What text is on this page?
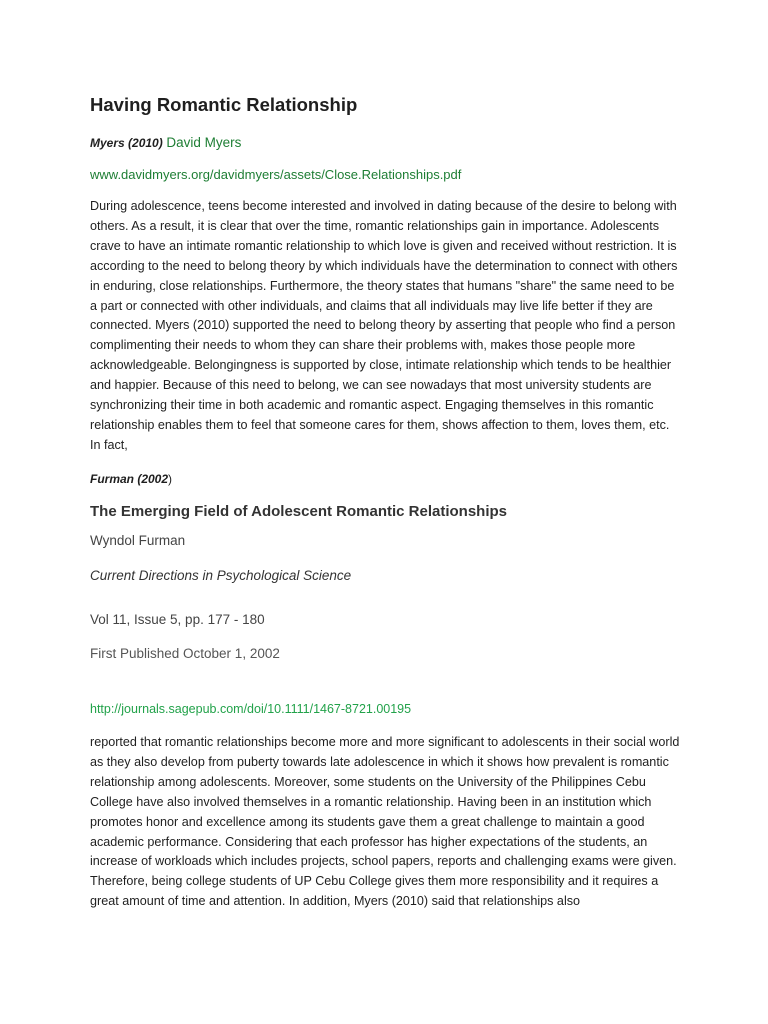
Having Romantic Relationship
Myers (2010) David Myers
www.davidmyers.org/davidmyers/assets/Close.Relationships.pdf
During adolescence, teens become interested and involved in dating because of the desire to belong with others. As a result, it is clear that over the time, romantic relationships gain in importance. Adolescents crave to have an intimate romantic relationship to which love is given and received without restriction. It is according to the need to belong theory by which individuals have the determination to connect with others in enduring, close relationships. Furthermore, the theory states that humans "share" the same need to be a part or connected with other individuals, and claims that all individuals may live life better if they are connected. Myers (2010) supported the need to belong theory by asserting that people who find a person complimenting their needs to whom they can share their problems with, makes those people more acknowledgeable. Belongingness is supported by close, intimate relationship which tends to be healthier and happier. Because of this need to belong, we can see nowadays that most university students are synchronizing their time in both academic and romantic aspect. Engaging themselves in this romantic relationship enables them to feel that someone cares for them, shows affection to them, loves them, etc. In fact,
Furman (2002)
The Emerging Field of Adolescent Romantic Relationships
Wyndol Furman
Current Directions in Psychological Science
Vol 11, Issue 5, pp. 177 - 180
First Published October 1, 2002
http://journals.sagepub.com/doi/10.1111/1467-8721.00195
reported that romantic relationships become more and more significant to adolescents in their social world as they also develop from puberty towards late adolescence in which it shows how prevalent is romantic relationship among adolescents. Moreover, some students on the University of the Philippines Cebu College have also involved themselves in a romantic relationship. Having been in an institution which promotes honor and excellence among its students gave them a great challenge to maintain a good academic performance. Considering that each professor has higher expectations of the students, an increase of workloads which includes projects, school papers, reports and challenging exams were given. Therefore, being college students of UP Cebu College gives them more responsibility and it requires a great amount of time and attention. In addition, Myers (2010) said that relationships also
